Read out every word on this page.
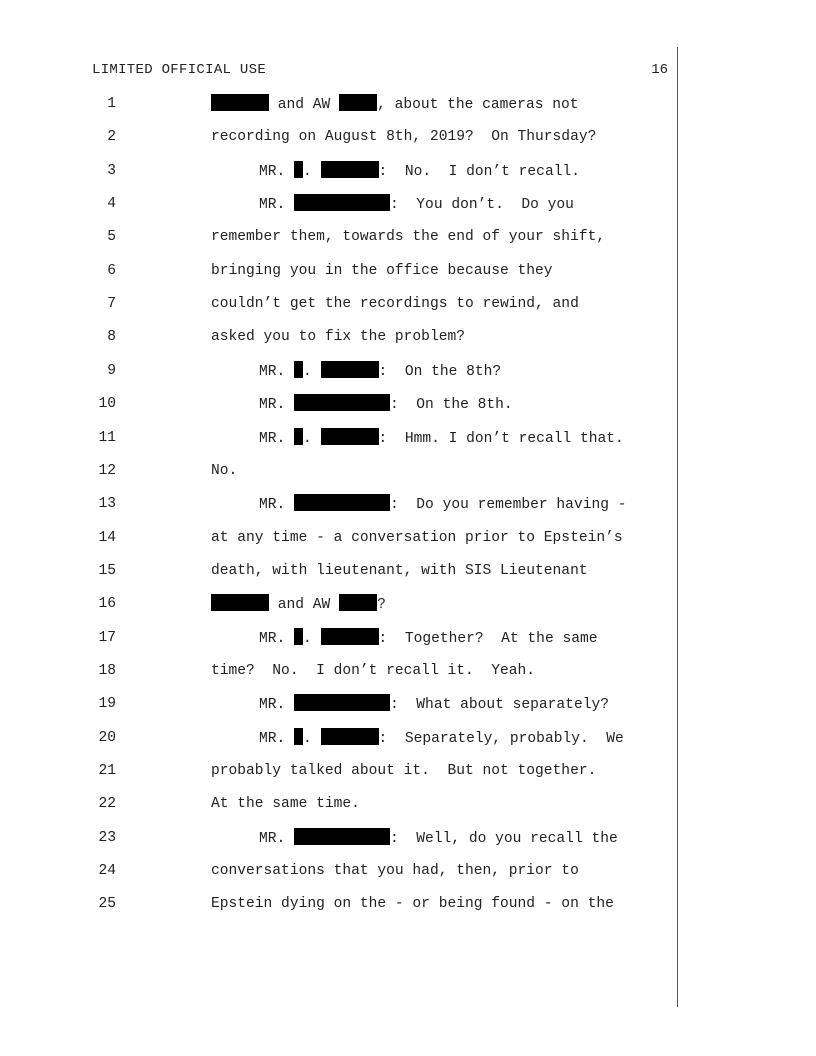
LIMITED OFFICIAL USE	16
1	and AW	, about the cameras not
2	recording on August 8th, 2019?  On Thursday?
3	MR. .	:  No.  I don’t recall.
4	MR.	:  You don’t.  Do you
5	remember them, towards the end of your shift,
6	bringing you in the office because they
7	couldn’t get the recordings to rewind, and
8	asked you to fix the problem?
9	MR. .	:  On the 8th?
10	MR.	:  On the 8th.
11	MR. .	:  Hmm. I don’t recall that.
12	No.
13	MR.	:  Do you remember having -
14	at any time - a conversation prior to Epstein’s
15	death, with lieutenant, with SIS Lieutenant
16	and AW	?
17	MR. .	:  Together?  At the same
18	time?  No.  I don’t recall it.  Yeah.
19	MR.	:  What about separately?
20	MR. .	:  Separately, probably.  We
21	probably talked about it.  But not together.
22	At the same time.
23	MR.	:  Well, do you recall the
24	conversations that you had, then, prior to
25	Epstein dying on the - or being found - on the
